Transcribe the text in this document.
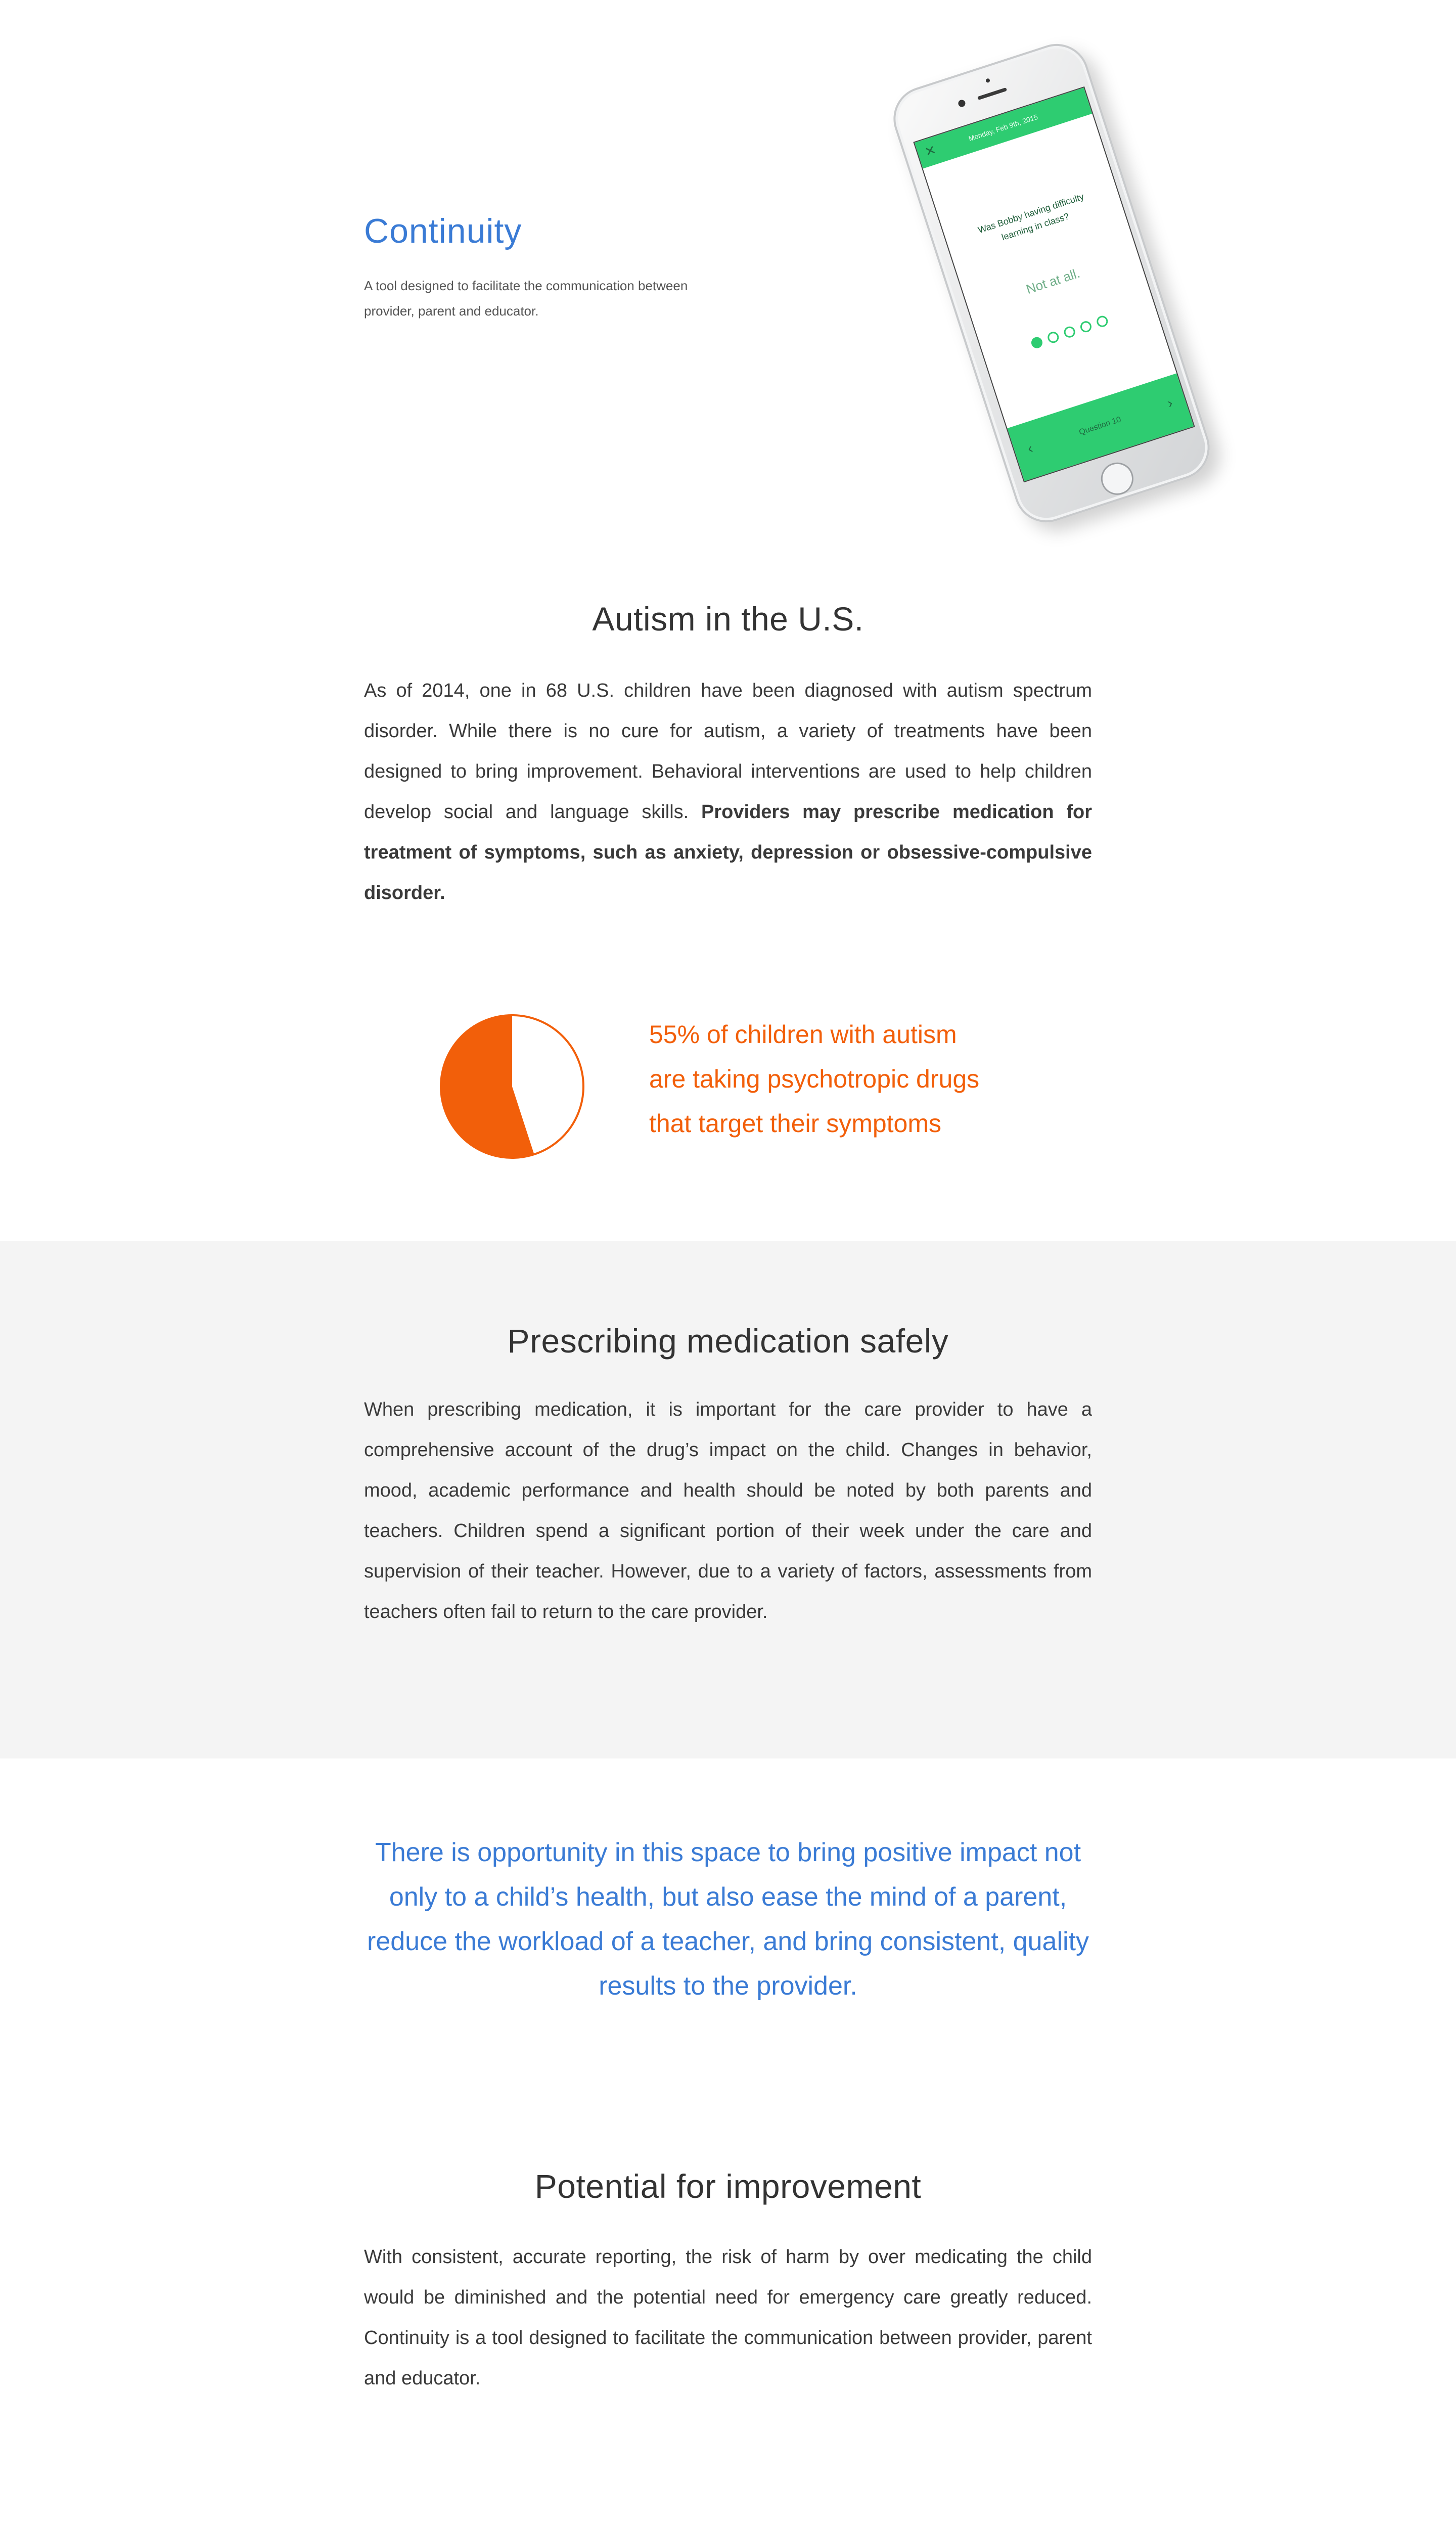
Continuity

A tool designed to facilitate the communication between provider, parent and educator.

✕
Monday, Feb 9th, 2015
Was Bobby having difficulty learning in class?
Not at all.
‹
Question 10
›
Autism in the U.S.

As of 2014, one in 68 U.S. children have been diagnosed with autism spectrum disorder. While there is no cure for autism, a variety of treatments have been designed to bring improvement. Behavioral interventions are used to help children develop social and language skills. Providers may prescribe medication for treatment of symptoms, such as anxiety, depression or obsessive-compulsive disorder.

55% of children with autism
are taking psychotropic drugs
that target their symptoms
Prescribing medication safely

When prescribing medication, it is important for the care provider to have a comprehensive account of the drug’s impact on the child. Changes in behavior, mood, academic performance and health should be noted by both parents and teachers. Children spend a significant portion of their week under the care and supervision of their teacher. However, due to a variety of factors, assessments from teachers often fail to return to the care provider.

There is opportunity in this space to bring positive impact not only to a child’s health, but also ease the mind of a parent, reduce the workload of a teacher, and bring consistent, quality results to the provider.

Potential for improvement

With consistent, accurate reporting, the risk of harm by over medicating the child would be diminished and the potential need for emergency care greatly reduced. Continuity is a tool designed to facilitate the communication between provider, parent and educator.
